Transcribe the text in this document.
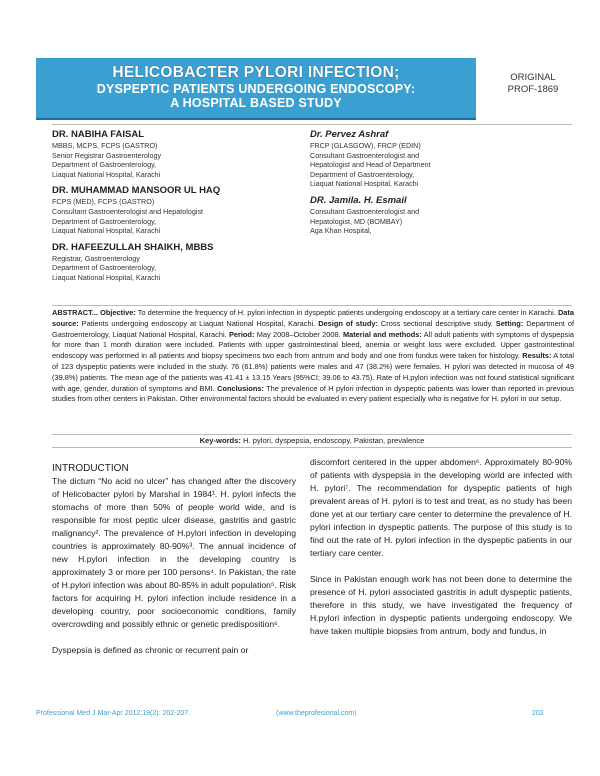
HELICOBACTER PYLORI INFECTION;
DYSPEPTIC PATIENTS UNDERGOING ENDOSCOPY:
A HOSPITAL BASED STUDY
ORIGINAL
PROF-1869
DR. NABIHA FAISAL
MBBS, MCPS, FCPS (GASTRO)
Senior Registrar Gastroenterology
Department of Gastroenterology,
Liaquat National Hospital, Karachi
DR. MUHAMMAD MANSOOR UL HAQ
FCPS (MED), FCPS (GASTRO)
Consultant Gastroenterologist and Hepatologist
Department of Gastroenterology,
Liaquat National Hospital, Karachi
DR. HAFEEZULLAH SHAIKH, MBBS
Registrar, Gastroenterology
Department of Gastroenterology,
Liaquat National Hospital, Karachi
Dr. Pervez Ashraf
FRCP (GLASGOW), FRCP (EDIN)
Consultant Gastroenterologist and
Hepatologist and Head of Department
Department of Gastroenterology,
Liaquat National Hospital, Karachi
DR. Jamila. H. Esmail
Consultant Gastroenterologist and
Hepatologist, MD (BOMBAY)
Aga Khan Hospital,
ABSTRACT... Objective: To determine the frequency of H. pylori infection in dyspeptic patients undergoing endoscopy at a tertiary care center in Karachi. Data source: Patients undergoing endoscopy at Liaquat National Hospital, Karachi. Design of study: Cross sectional descriptive study. Setting: Department of Gastroenterology, Liaquat National Hospital, Karachi. Period: May 2008–October 2008. Material and methods: All adult patients with symptoms of dyspepsia for more than 1 month duration were included. Patients with upper gastrointestinal bleed, anemia or weight loss were excluded. Upper gastrointestinal endoscopy was performed in all patients and biopsy specimens two each from antrum and body and one from fundus were taken for histology. Results: A total of 123 dyspeptic patients were included in the study. 76 (61.8%) patients were males and 47 (38.2%) were females. H pylori was detected in mucosa of 49 (39.8%) patients. The mean age of the patients was 41.41 ± 13.15 Years (95%CI; 39.06 to 43.75). Rate of H.pylori infection was not found statistical significant with age, gender, duration of symptoms and BMI. Conclusions: The prevalence of H pylori infection in dyspeptic patients was lower than reported in previous studies from other centers in Pakistan. Other environmental factors should be evaluated in every patient especially who is negative for H. pylori in our setup.
Key-words: H. pylori, dyspepsia, endoscopy, Pakistan, prevalence
INTRODUCTION
The dictum “No acid no ulcer” has changed after the discovery of Helicobacter pylori by Marshal in 1984¹. H. pylori infects the stomachs of more than 50% of people world wide, and is responsible for most peptic ulcer disease, gastritis and gastric malignancy². The prevalence of H.pylori infection in developing countries is approximately 80-90%³. The annual incidence of new H.pylori infection in the developing country is approximately 3 or more per 100 persons⁴. In Pakistan, the rate of H.pylori infection was about 80-85% in adult population⁵. Risk factors for acquiring H. pylori infection include residence in a developing country, poor socioeconomic conditions, family overcrowding and possibly ethnic or genetic predisposition⁶.
Dyspepsia is defined as chronic or recurrent pain or
discomfort centered in the upper abdomen⁶. Approximately 80-90% of patients with dyspepsia in the developing world are infected with H. pylori⁷. The recommendation for dyspeptic patients of high prevalent areas of H. pylori is to test and treat, as no study has been done yet at our tertiary care center to determine the prevalence of H. pylori infection in dyspeptic patients. The purpose of this study is to find out the rate of H. pylori infection in the dyspeptic patients in our tertiary care center.
Since in Pakistan enough work has not been done to determine the presence of H. pylori associated gastritis in adult dyspeptic patients, therefore in this study, we have investigated the frequency of H.pylori infection in dyspeptic patients undergoing endoscopy. We have taken multiple biopsies from antrum, body and fundus, in
Professional Med J Mar-Apr 2012;19(2): 202-207.	(www.theprofesional.com)	202
